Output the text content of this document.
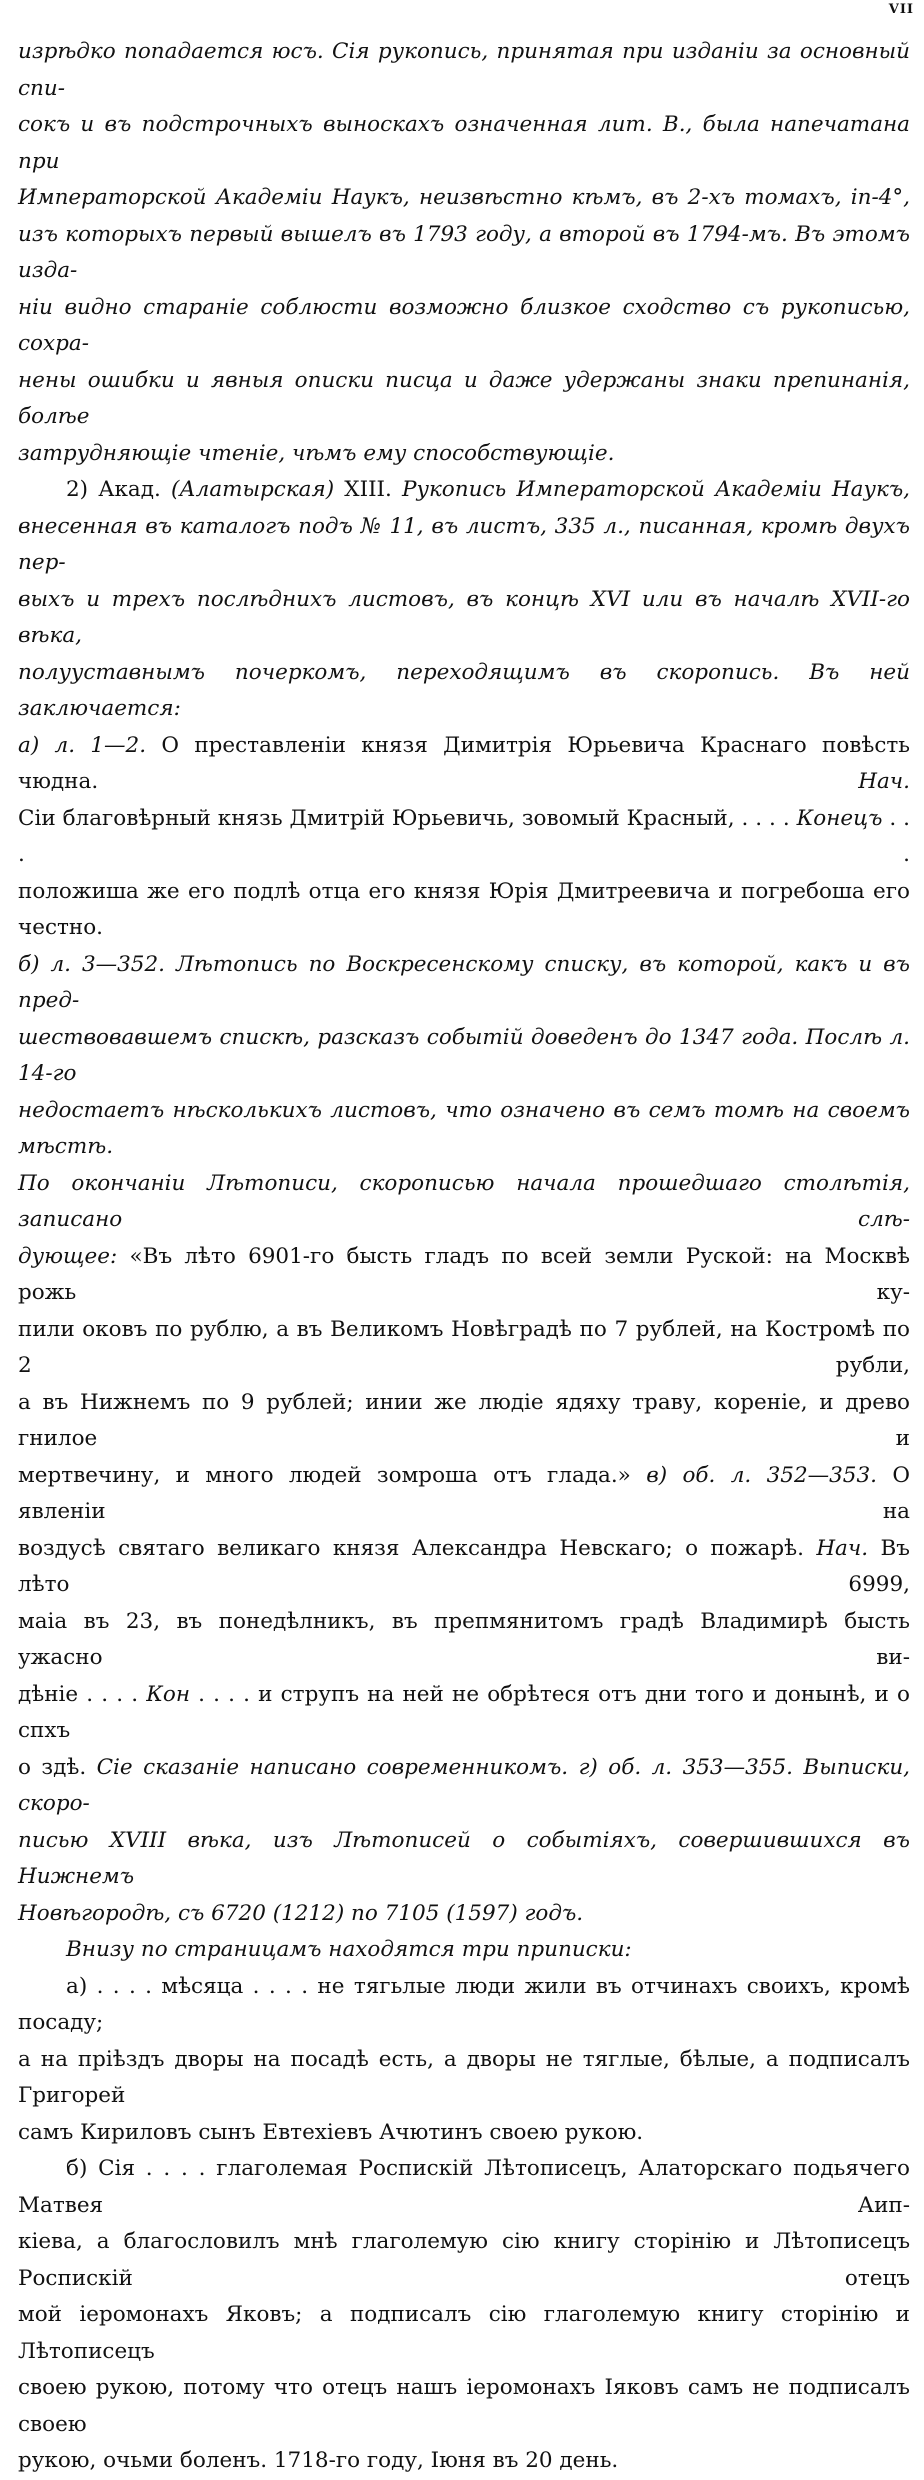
VII
изрѣдко попадается юсъ. Сія рукопись, принятая при изданіи за основный спи-
сокъ и въ подстрочныхъ выноскахъ означенная лит. В., была напечатана при
Императорской Академіи Наукъ, неизвѣстно кѣмъ, въ 2-хъ томахъ, in-4°,
изъ которыхъ первый вышелъ въ 1793 году, а второй въ 1794-мъ. Въ этомъ изда-
ніи видно стараніе соблюсти возможно близкое сходство съ рукописью, сохра-
нены ошибки и явныя описки писца и даже удержаны знаки препинанія, болѣе
затрудняющіе чтеніе, чѣмъ ему способствующіе.
2) Акад. (Алатырская) XIII. Рукопись Императорской Академіи Наукъ,
внесенная въ каталогъ подъ № 11, въ листъ, 335 л., писанная, кромѣ двухъ пер-
выхъ и трехъ послѣднихъ листовъ, въ концѣ XVI или въ началѣ XVII-го вѣка,
полууставнымъ почеркомъ, переходящимъ въ скоропись. Въ ней заключается:
а) л. 1—2. О преставленіи князя Димитрія Юрьевича Краснаго повѣсть чюдна. Нач.
Сіи благовѣрный князь Дмитрій Юрьевичь, зовомый Красный, . . . . Конецъ . . . .
положиша же его подлѣ отца его князя Юрія Дмитреевича и погребоша его честно.
б) л. 3—352. Лѣтопись по Воскресенскому списку, въ которой, какъ и въ пред-
шествовавшемъ спискѣ, разсказъ событій доведенъ до 1347 года. Послѣ л. 14-го
недостаетъ нѣсколькихъ листовъ, что означено въ семъ томѣ на своемъ мѣстѣ.
По окончаніи Лѣтописи, скорописью начала прошедшаго столѣтія, записано слѣ-
дующее: «Въ лѣто 6901-го бысть гладъ по всей земли Руской: на Москвѣ рожь ку-
пили оковъ по рублю, а въ Великомъ Новѣградѣ по 7 рублей, на Костромѣ по 2 рубли,
а въ Нижнемъ по 9 рублей; инии же людіе ядяху траву, кореніе, и древо гнилое и
мертвечину, и много людей зомроша отъ глада.» в) об. л. 352—353. О явленіи на
воздусѣ святаго великаго князя Александра Невскаго; о пожарѣ. Нач. Въ лѣто 6999,
маіа въ 23, въ понедѣлникъ, въ препмянитомъ градѣ Владимирѣ бысть ужасно ви-
дѣніе . . . . Кон . . . . и струпъ на ней не обрѣтеся отъ дни того и донынѣ, и о спхъ
о здѣ. Сіе сказаніе написано современникомъ. г) об. л. 353—355. Выписки, скоро-
писью XVIII вѣка, изъ Лѣтописей о событіяхъ, совершившихся въ Нижнемъ
Новѣгородѣ, съ 6720 (1212) по 7105 (1597) годъ.
Внизу по страницамъ находятся три приписки:
а) . . . . мѣсяца . . . . не тягьлые люди жили въ отчинахъ своихъ, кромѣ посаду;
а на пріѣздъ дворы на посадѣ есть, а дворы не тяглые, бѣлые, а подписалъ Григорей
самъ Кириловъ сынъ Евтехіевъ Ачютинъ своею рукою.
б) Сія . . . . глаголемая Роспискій Лѣтописецъ, Алаторскаго подьячего Матвея Аип-
кіева, а благословилъ мнѣ глаголемую сію книгу сторінію и Лѣтописецъ Роспискій отецъ
мой іеромонахъ Яковъ; а подписалъ сію глаголемую книгу сторінію и Лѣтописецъ
своею рукою, потому что отецъ нашъ іеромонахъ Іяковъ самъ не подписалъ своею
рукою, очьми боленъ. 1718-го году, Іюня въ 20 день.
